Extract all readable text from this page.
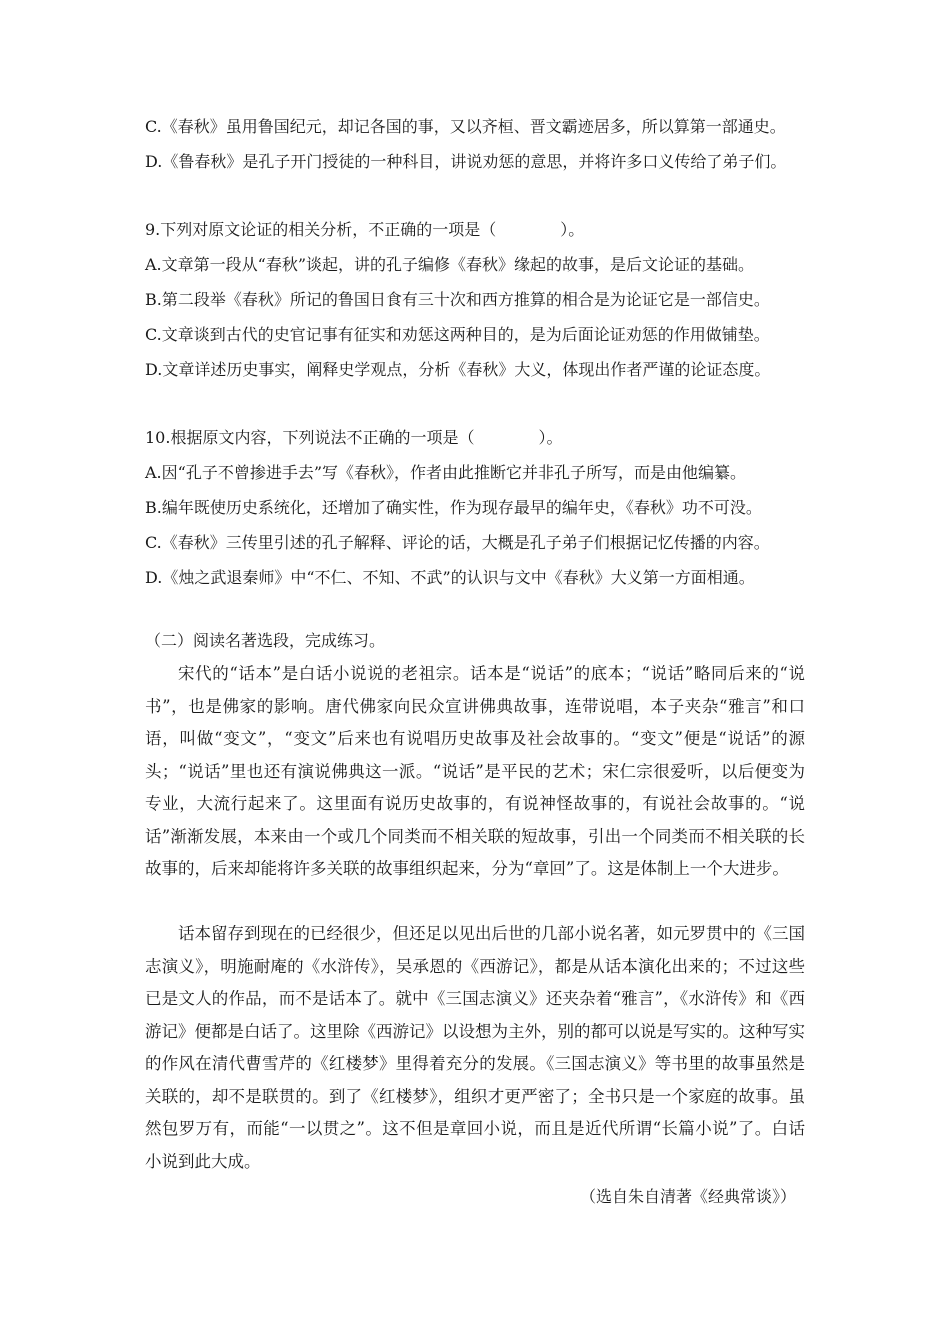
C.《春秋》虽用鲁国纪元，却记各国的事，又以齐桓、晋文霸迹居多，所以算第一部通史。
D.《鲁春秋》是孔子开门授徒的一种科目，讲说劝惩的意思，并将许多口义传给了弟子们。
9.下列对原文论证的相关分析，不正确的一项是（　　　　）。
A.文章第一段从“春秋”谈起，讲的孔子编修《春秋》缘起的故事，是后文论证的基础。
B.第二段举《春秋》所记的鲁国日食有三十次和西方推算的相合是为论证它是一部信史。
C.文章谈到古代的史官记事有征实和劝惩这两种目的，是为后面论证劝惩的作用做铺垫。
D.文章详述历史事实，阐释史学观点，分析《春秋》大义，体现出作者严谨的论证态度。
10.根据原文内容，下列说法不正确的一项是（　　　　）。
A.因“孔子不曾掺进手去”写《春秋》，作者由此推断它并非孔子所写，而是由他编纂。
B.编年既使历史系统化，还增加了确实性，作为现存最早的编年史，《春秋》功不可没。
C.《春秋》三传里引述的孔子解释、评论的话，大概是孔子弟子们根据记忆传播的内容。
D.《烛之武退秦师》中“不仁、不知、不武”的认识与文中《春秋》大义第一方面相通。
（二）阅读名著选段，完成练习。

宋代的“话本”是白话小说说的老祖宗。话本是“说话”的底本；“说话”略同后来的“说书”，也是佛家的影响。唐代佛家向民众宣讲佛典故事，连带说唱，本子夹杂“雅言”和口语，叫做“变文”，“变文”后来也有说唱历史故事及社会故事的。“变文”便是“说话”的源头；“说话”里也还有演说佛典这一派。“说话”是平民的艺术；宋仁宗很爱听，以后便变为专业，大流行起来了。这里面有说历史故事的，有说神怪故事的，有说社会故事的。“说话”渐渐发展，本来由一个或几个同类而不相关联的短故事，引出一个同类而不相关联的长故事的，后来却能将许多关联的故事组织起来，分为“章回”了。这是体制上一个大进步。

话本留存到现在的已经很少，但还足以见出后世的几部小说名著，如元罗贯中的《三国志演义》，明施耐庵的《水浒传》，吴承恩的《西游记》，都是从话本演化出来的；不过这些已是文人的作品，而不是话本了。就中《三国志演义》还夹杂着“雅言”，《水浒传》和《西游记》便都是白话了。这里除《西游记》以设想为主外，别的都可以说是写实的。这种写实的作风在清代曹雪芹的《红楼梦》里得着充分的发展。《三国志演义》等书里的故事虽然是关联的，却不是联贯的。到了《红楼梦》，组织才更严密了；全书只是一个家庭的故事。虽然包罗万有，而能“一以贯之”。这不但是章回小说，而且是近代所谓“长篇小说”了。白话小说到此大成。

（选自朱自清著《经典常谈》）
